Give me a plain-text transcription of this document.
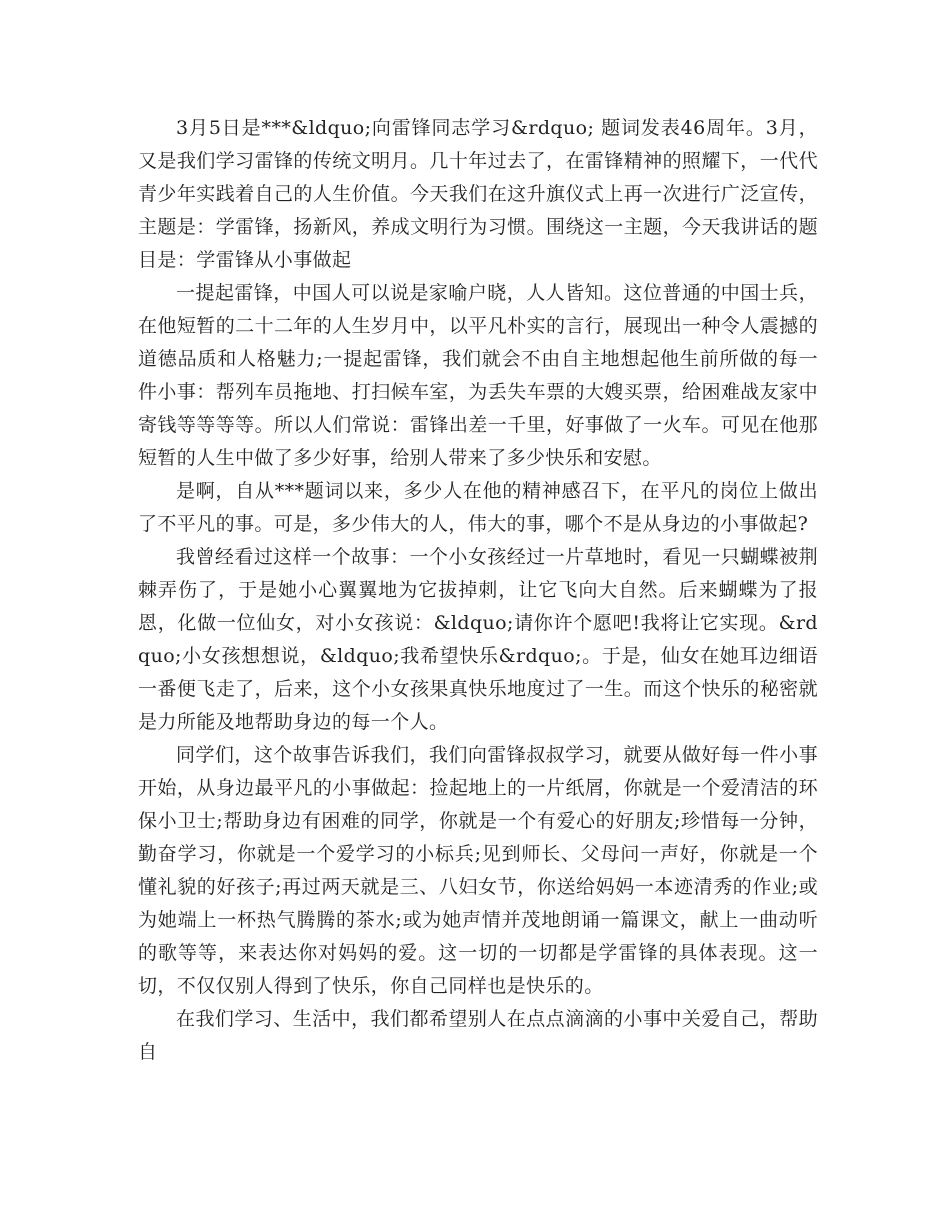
3月5日是***&ldquo;向雷锋同志学习&rdquo; 题词发表46周年。3月，又是我们学习雷锋的传统文明月。几十年过去了，在雷锋精神的照耀下，一代代青少年实践着自己的人生价值。今天我们在这升旗仪式上再一次进行广泛宣传，主题是：学雷锋，扬新风，养成文明行为习惯。围绕这一主题，今天我讲话的题目是：学雷锋从小事做起

一提起雷锋，中国人可以说是家喻户晓，人人皆知。这位普通的中国士兵，在他短暂的二十二年的人生岁月中，以平凡朴实的言行，展现出一种令人震撼的道德品质和人格魅力;一提起雷锋，我们就会不由自主地想起他生前所做的每一件小事：帮列车员拖地、打扫候车室，为丢失车票的大嫂买票，给困难战友家中寄钱等等等等。所以人们常说：雷锋出差一千里，好事做了一火车。可见在他那短暂的人生中做了多少好事，给别人带来了多少快乐和安慰。

是啊，自从***题词以来，多少人在他的精神感召下，在平凡的岗位上做出了不平凡的事。可是，多少伟大的人，伟大的事，哪个不是从身边的小事做起?

我曾经看过这样一个故事：一个小女孩经过一片草地时，看见一只蝴蝶被荆棘弄伤了，于是她小心翼翼地为它拔掉刺，让它飞向大自然。后来蝴蝶为了报恩，化做一位仙女，对小女孩说：&ldquo;请你许个愿吧!我将让它实现。&rdquo;小女孩想想说，&ldquo;我希望快乐&rdquo;。于是，仙女在她耳边细语一番便飞走了，后来，这个小女孩果真快乐地度过了一生。而这个快乐的秘密就是力所能及地帮助身边的每一个人。

同学们，这个故事告诉我们，我们向雷锋叔叔学习，就要从做好每一件小事开始，从身边最平凡的小事做起：捡起地上的一片纸屑，你就是一个爱清洁的环保小卫士;帮助身边有困难的同学，你就是一个有爱心的好朋友;珍惜每一分钟，勤奋学习，你就是一个爱学习的小标兵;见到师长、父母问一声好，你就是一个懂礼貌的好孩子;再过两天就是三、八妇女节，你送给妈妈一本迹清秀的作业;或为她端上一杯热气腾腾的茶水;或为她声情并茂地朗诵一篇课文，献上一曲动听的歌等等，来表达你对妈妈的爱。这一切的一切都是学雷锋的具体表现。这一切，不仅仅别人得到了快乐，你自己同样也是快乐的。

在我们学习、生活中，我们都希望别人在点点滴滴的小事中关爱自己，帮助自
